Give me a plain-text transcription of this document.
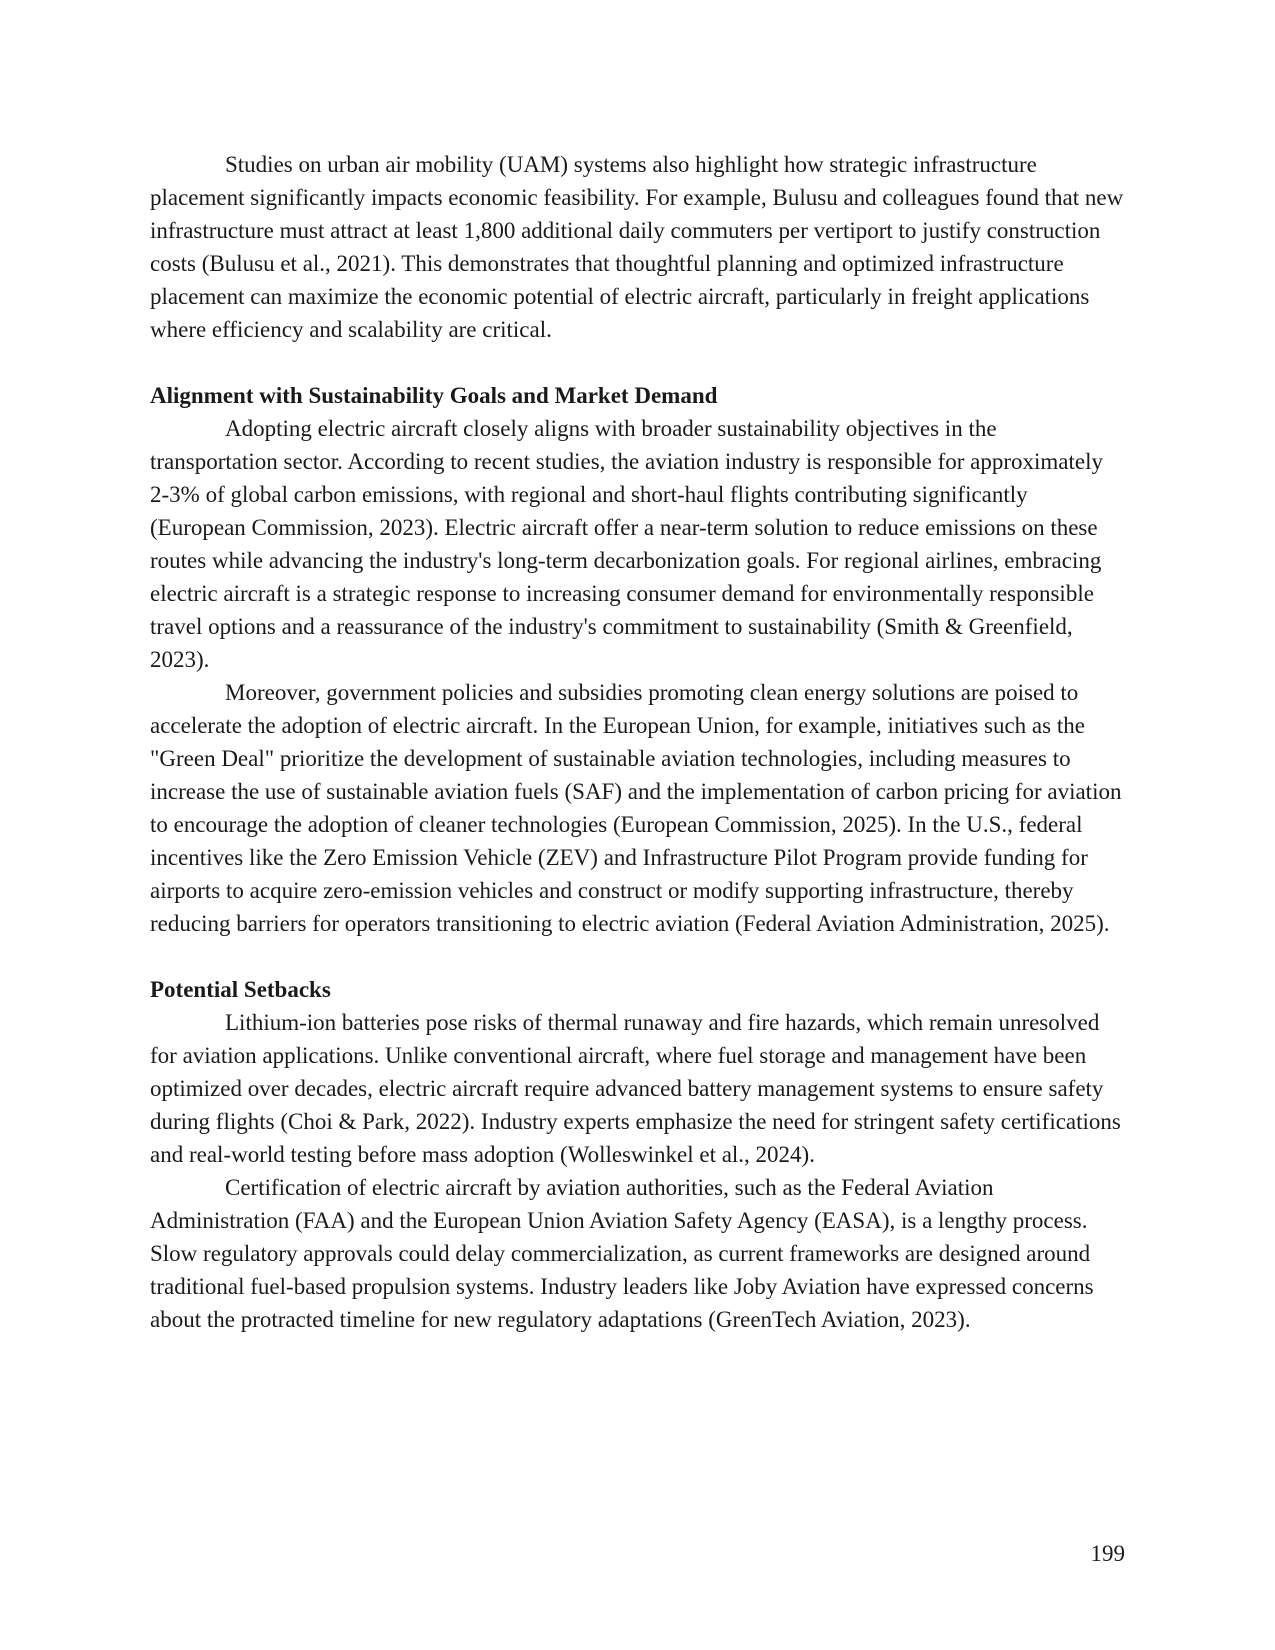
Studies on urban air mobility (UAM) systems also highlight how strategic infrastructure placement significantly impacts economic feasibility. For example, Bulusu and colleagues found that new infrastructure must attract at least 1,800 additional daily commuters per vertiport to justify construction costs (Bulusu et al., 2021). This demonstrates that thoughtful planning and optimized infrastructure placement can maximize the economic potential of electric aircraft, particularly in freight applications where efficiency and scalability are critical.

Alignment with Sustainability Goals and Market Demand

Adopting electric aircraft closely aligns with broader sustainability objectives in the transportation sector. According to recent studies, the aviation industry is responsible for approximately 2-3% of global carbon emissions, with regional and short-haul flights contributing significantly (European Commission, 2023). Electric aircraft offer a near-term solution to reduce emissions on these routes while advancing the industry's long-term decarbonization goals. For regional airlines, embracing electric aircraft is a strategic response to increasing consumer demand for environmentally responsible travel options and a reassurance of the industry's commitment to sustainability (Smith & Greenfield, 2023).

Moreover, government policies and subsidies promoting clean energy solutions are poised to accelerate the adoption of electric aircraft. In the European Union, for example, initiatives such as the "Green Deal" prioritize the development of sustainable aviation technologies, including measures to increase the use of sustainable aviation fuels (SAF) and the implementation of carbon pricing for aviation to encourage the adoption of cleaner technologies (European Commission, 2025). In the U.S., federal incentives like the Zero Emission Vehicle (ZEV) and Infrastructure Pilot Program provide funding for airports to acquire zero-emission vehicles and construct or modify supporting infrastructure, thereby reducing barriers for operators transitioning to electric aviation (Federal Aviation Administration, 2025).

Potential Setbacks

Lithium-ion batteries pose risks of thermal runaway and fire hazards, which remain unresolved for aviation applications. Unlike conventional aircraft, where fuel storage and management have been optimized over decades, electric aircraft require advanced battery management systems to ensure safety during flights (Choi & Park, 2022). Industry experts emphasize the need for stringent safety certifications and real-world testing before mass adoption (Wolleswinkel et al., 2024).

Certification of electric aircraft by aviation authorities, such as the Federal Aviation Administration (FAA) and the European Union Aviation Safety Agency (EASA), is a lengthy process. Slow regulatory approvals could delay commercialization, as current frameworks are designed around traditional fuel-based propulsion systems. Industry leaders like Joby Aviation have expressed concerns about the protracted timeline for new regulatory adaptations (GreenTech Aviation, 2023).

199
